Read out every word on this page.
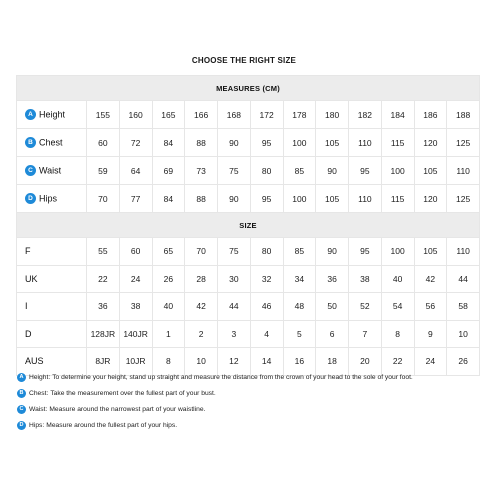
CHOOSE THE RIGHT SIZE
MEASURES (CM)												
A Height	155	160	165	166	168	172	178	180	182	184	186	188
B Chest	60	72	84	88	90	95	100	105	110	115	120	125
C Waist	59	64	69	73	75	80	85	90	95	100	105	110
D Hips	70	77	84	88	90	95	100	105	110	115	120	125
SIZE												
F	55	60	65	70	75	80	85	90	95	100	105	110
UK	22	24	26	28	30	32	34	36	38	40	42	44
I	36	38	40	42	44	46	48	50	52	54	56	58
D	128JR	140JR	1	2	3	4	5	6	7	8	9	10
AUS	8JR	10JR	8	10	12	14	16	18	20	22	24	26
A Height: To determine your height, stand up straight and measure the distance from the crown of your head to the sole of your foot.
B Chest: Take the measurement over the fullest part of your bust.
C Waist: Measure around the narrowest part of your waistline.
D Hips: Measure around the fullest part of your hips.
